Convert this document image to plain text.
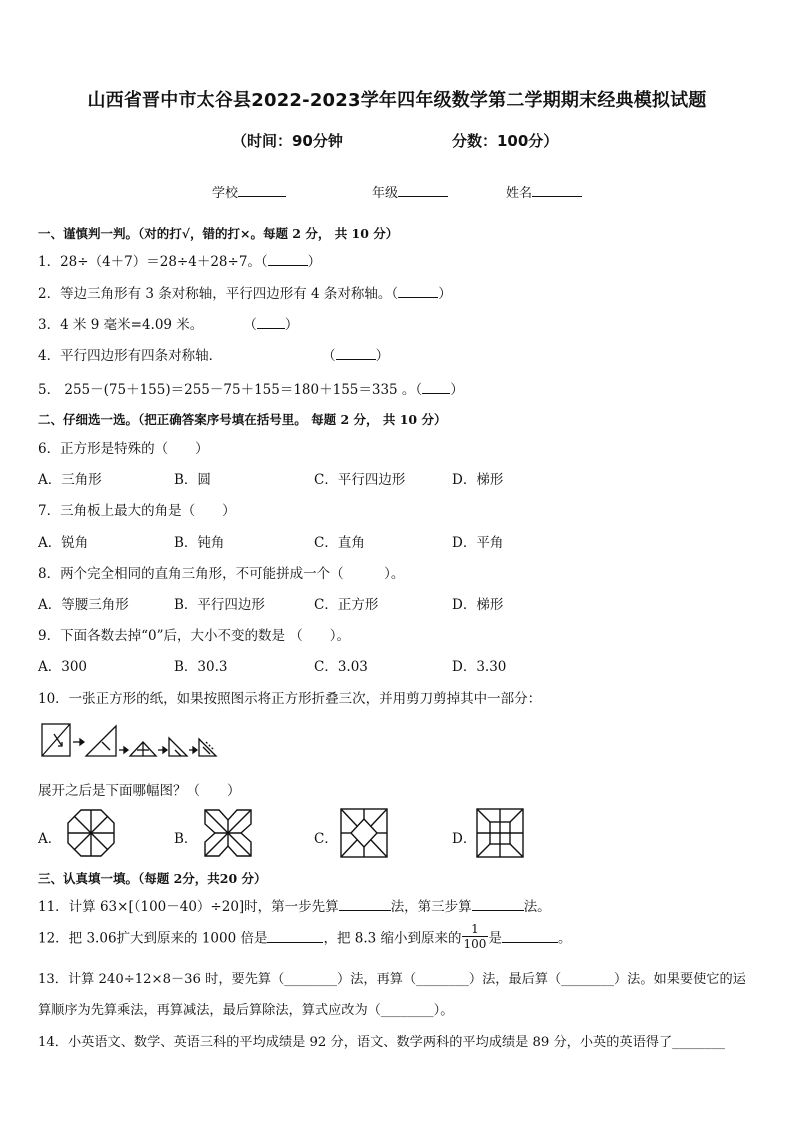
山西省晋中市太谷县2022-2023学年四年级数学第二学期期末经典模拟试题
（时间：90分钟	分数：100分）
学校	年级	姓名
一、谨慎判一判。（对的打√，错的打×。每题 2 分， 共 10 分）
1．28÷（4＋7）＝28÷4＋28÷7。（	）
2．等边三角形有 3 条对称轴，平行四边形有 4 条对称轴。（	）
3．4 米 9 毫米=4.09 米。	（ ）
4．平行四边形有四条对称轴．	（	）
5． 255－(75＋155)＝255－75＋155＝180＋155＝335 。（ ）
二、仔细选一选。（把正确答案序号填在括号里。 每题 2 分， 共 10 分）
6．正方形是特殊的（　　）
A．三角形	B．圆	C．平行四边形	D．梯形
7．三角板上最大的角是（　　）
A．锐角	B．钝角	C．直角	D．平角
8．两个完全相同的直角三角形，不可能拼成一个（　　　）。
A．等腰三角形	B．平行四边形	C．正方形	D．梯形
9．下面各数去掉“0”后，大小不变的数是 （　　）。
A．300	B．30.3	C．3.03	D．3.30
10．一张正方形的纸，如果按照图示将正方形折叠三次，并用剪刀剪掉其中一部分：
展开之后是下面哪幅图？（　　）
A．	B．	C．	D．
三、认真填一填。（每题 2分，共20 分）
11．计算 63×[（100－40）÷20]时，第一步先算	法，第三步算	法。
12．把 3.06扩大到原来的 1000 倍是	，把 8.3 缩小到原来的 $\frac{1}{100}$ 是	。
13．计算 240÷12×8－36 时，要先算（________）法，再算（________）法，最后算（________）法。如果要使它的运
算顺序为先算乘法，再算减法，最后算除法，算式应改为（________）。
14．小英语文、数学、英语三科的平均成绩是 92 分，语文、数学两科的平均成绩是 89 分，小英的英语得了________
